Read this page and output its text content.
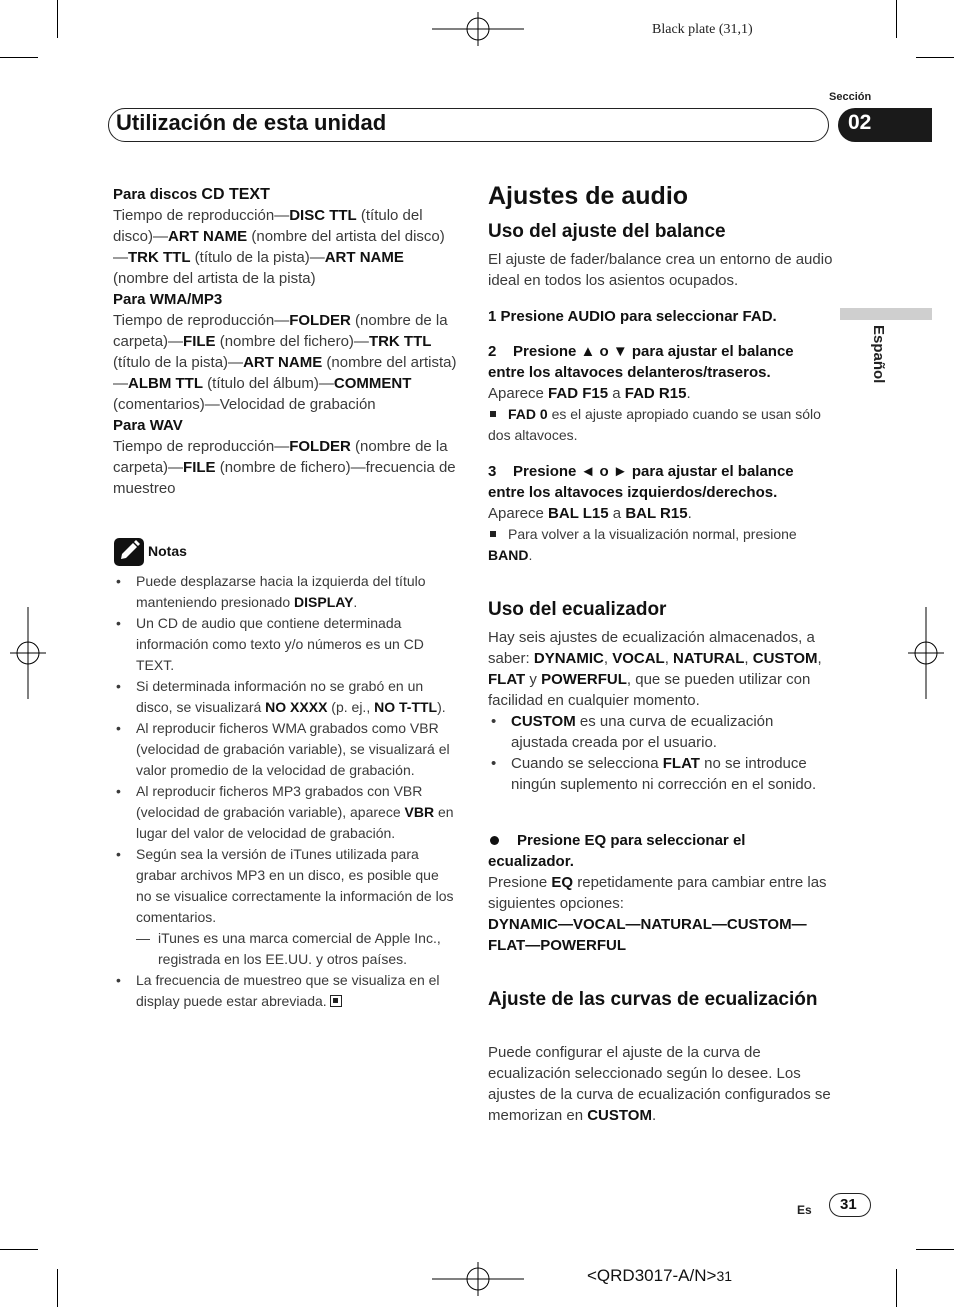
Black plate (31,1)
Sección
Utilización de esta unidad	02
Español
Para discos CD TEXT
Tiempo de reproducción—DISC TTL (título del disco)—ART NAME (nombre del artista del disco)—TRK TTL (título de la pista)—ART NAME (nombre del artista de la pista)
Para WMA/MP3
Tiempo de reproducción—FOLDER (nombre de la carpeta)—FILE (nombre del fichero)—TRK TTL (título de la pista)—ART NAME (nombre del artista)—ALBM TTL (título del álbum)—COMMENT (comentarios)—Velocidad de grabación
Para WAV
Tiempo de reproducción—FOLDER (nombre de la carpeta)—FILE (nombre de fichero)—frecuencia de muestreo
Notas
• Puede desplazarse hacia la izquierda del título manteniendo presionado DISPLAY.
• Un CD de audio que contiene determinada información como texto y/o números es un CD TEXT.
• Si determinada información no se grabó en un disco, se visualizará NO XXXX (p. ej., NO T-TTL).
• Al reproducir ficheros WMA grabados como VBR (velocidad de grabación variable), se visualizará el valor promedio de la velocidad de grabación.
• Al reproducir ficheros MP3 grabados con VBR (velocidad de grabación variable), aparece VBR en lugar del valor de velocidad de grabación.
• Según sea la versión de iTunes utilizada para grabar archivos MP3 en un disco, es posible que no se visualice correctamente la información de los comentarios.
— iTunes es una marca comercial de Apple Inc., registrada en los EE.UU. y otros países.
• La frecuencia de muestreo que se visualiza en el display puede estar abreviada.
Ajustes de audio
Uso del ajuste del balance
El ajuste de fader/balance crea un entorno de audio ideal en todos los asientos ocupados.
1 Presione AUDIO para seleccionar FAD.
2    Presione ▲ o ▼ para ajustar el balance entre los altavoces delanteros/traseros.
Aparece FAD F15 a FAD R15.
FAD 0 es el ajuste apropiado cuando se usan sólo dos altavoces.
3    Presione ◄ o ► para ajustar el balance entre los altavoces izquierdos/derechos.
Aparece BAL L15 a BAL R15.
Para volver a la visualización normal, presione BAND.
Uso del ecualizador
Hay seis ajustes de ecualización almacenados, a saber: DYNAMIC, VOCAL, NATURAL, CUSTOM, FLAT y POWERFUL, que se pueden utilizar con facilidad en cualquier momento.
• CUSTOM es una curva de ecualización ajustada creada por el usuario.
• Cuando se selecciona FLAT no se introduce ningún suplemento ni corrección en el sonido.
Presione EQ para seleccionar el ecualizador.
Presione EQ repetidamente para cambiar entre las siguientes opciones:
DYNAMIC—VOCAL—NATURAL—CUSTOM—FLAT—POWERFUL
Ajuste de las curvas de ecualización
Puede configurar el ajuste de la curva de ecualización seleccionado según lo desee. Los ajustes de la curva de ecualización configurados se memorizan en CUSTOM.
Es 31
<QRD3017-A/N>31
